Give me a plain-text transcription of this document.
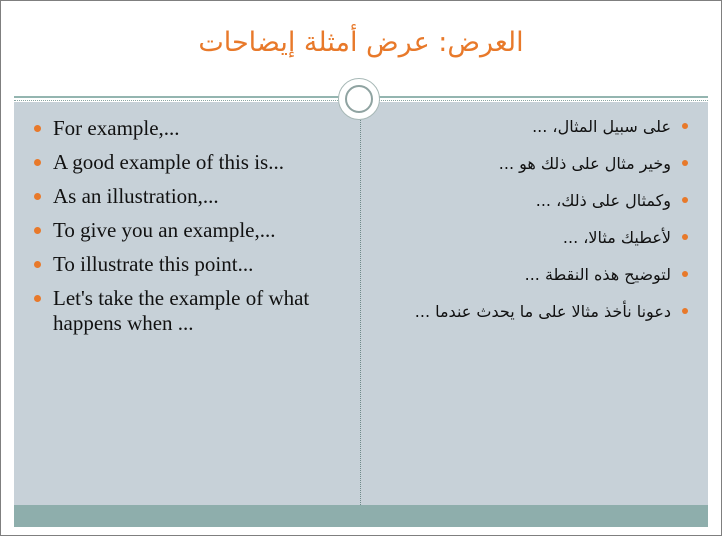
العرض: عرض أمثلة إيضاحات
For example,...
A good example of this is...
As an illustration,...
To give you an example,...
To illustrate this point...
Let's take the example of what happens when ...
على سبيل المثال، ...
وخير مثال على ذلك هو ...
وكمثال على ذلك، ...
لأعطيك مثالا، ...
لتوضيح هذه النقطة ...
دعونا نأخذ مثالا على ما يحدث عندما ...
